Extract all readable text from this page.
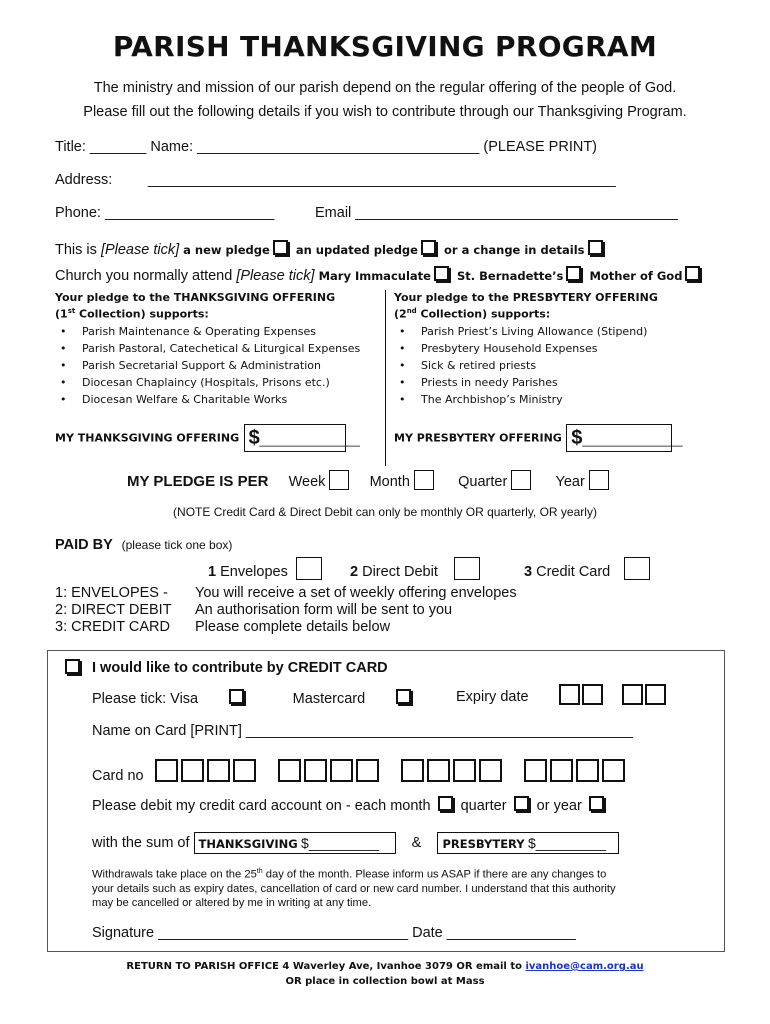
PARISH THANKSGIVING PROGRAM
The ministry and mission of our parish depend on the regular offering of the people of God.
Please fill out the following details if you wish to contribute through our Thanksgiving Program.
Title: _______ Name: ___________________________________ (PLEASE PRINT)
Address: __________________________________________________________
Phone: _____________________	Email ________________________________________
This is [Please tick] a new pledge an updated pledge or a change in details
Church you normally attend [Please tick] Mary Immaculate St. Bernadette’s Mother of God
Your pledge to the THANKSGIVING OFFERING
(1st Collection) supports:
• Parish Maintenance & Operating Expenses
• Parish Pastoral, Catechetical & Liturgical Expenses
• Parish Secretarial Support & Administration
• Diocesan Chaplaincy (Hospitals, Prisons etc.)
• Diocesan Welfare & Charitable Works
Your pledge to the PRESBYTERY OFFERING
(2nd Collection) supports:
• Parish Priest’s Living Allowance (Stipend)
• Presbytery Household Expenses
• Sick & retired priests
• Priests in needy Parishes
• The Archbishop’s Ministry
MY THANKSGIVING OFFERING $_________	MY PRESBYTERY OFFERING $_________
MY PLEDGE IS PER Week	Month	Quarter	Year
(NOTE Credit Card & Direct Debit can only be monthly OR quarterly, OR yearly)
PAID BY (please tick one box)
1 Envelopes	2 Direct Debit	3 Credit Card
1: ENVELOPES - You will receive a set of weekly offering envelopes
2: DIRECT DEBIT An authorisation form will be sent to you
3: CREDIT CARD Please complete details below
I would like to contribute by CREDIT CARD
Please tick: Visa	Mastercard	Expiry date

Name on Card [PRINT] ________________________________________________
Card no

Please debit my credit card account on - each month quarter or year
with the sum of THANKSGIVING $_________ & PRESBYTERY $_________
Withdrawals take place on the 25th day of the month. Please inform us ASAP if there are any changes to
your details such as expiry dates, cancellation of card or new card number. I understand that this authority
may be cancelled or altered by me in writing at any time.
Signature _______________________________ Date ________________
RETURN TO PARISH OFFICE 4 Waverley Ave, Ivanhoe 3079 OR email to ivanhoe@cam.org.au
OR place in collection bowl at Mass
